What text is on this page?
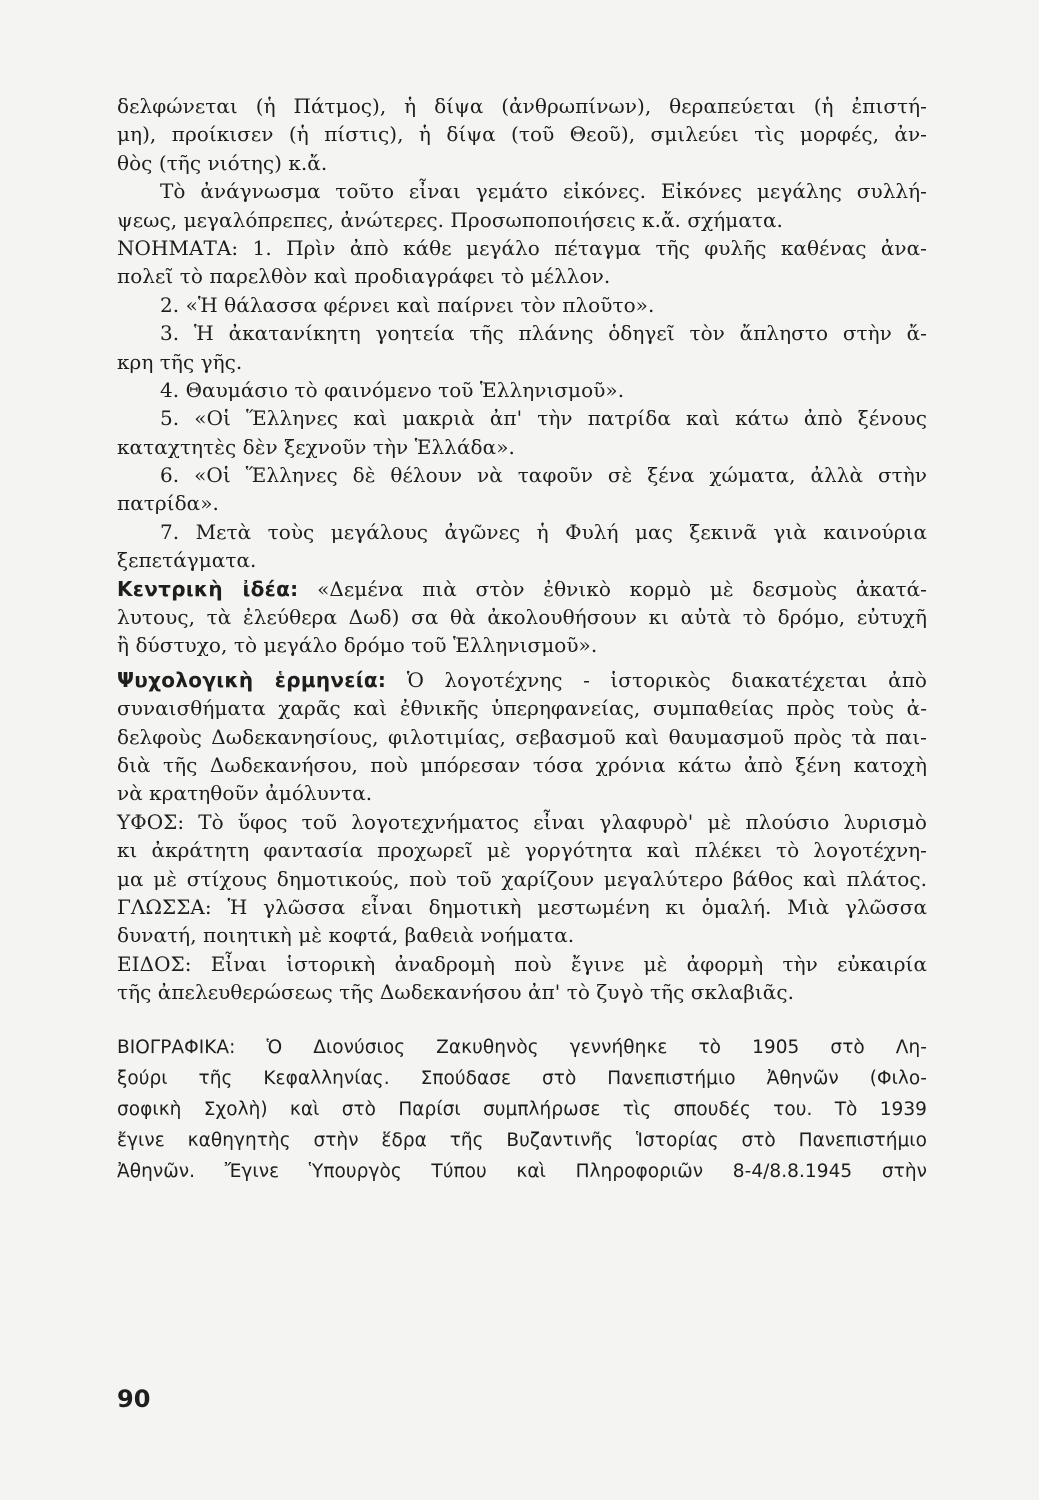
δελφώνεται (ἡ Πάτμος), ἡ δίψα (ἀνθρωπίνων), θεραπεύεται (ἡ ἐπιστή-
μη), προίκισεν (ἡ πίστις), ἡ δίψα (τοῦ Θεοῦ), σμιλεύει τὶς μορφές, ἀν-
θὸς (τῆς νιότης) κ.ἄ.
Τὸ ἀνάγνωσμα τοῦτο εἶναι γεμάτο εἰκόνες. Εἰκόνες μεγάλης συλλή-
ψεως, μεγαλόπρεπες, ἀνώτερες. Προσωποποιήσεις κ.ἄ. σχήματα.
ΝΟΗΜΑΤΑ: 1. Πρὶν ἀπὸ κάθε μεγάλο πέταγμα τῆς φυλῆς καθένας ἀνα-
πολεῖ τὸ παρελθὸν καὶ προδιαγράφει τὸ μέλλον.
2. «Ἡ θάλασσα φέρνει καὶ παίρνει τὸν πλοῦτο».
3. Ἡ ἀκατανίκητη γοητεία τῆς πλάνης ὁδηγεῖ τὸν ἄπληστο στὴν ἄ-
κρη τῆς γῆς.
4. Θαυμάσιο τὸ φαινόμενο τοῦ Ἑλληνισμοῦ».
5. «Οἱ Ἕλληνες καὶ μακριὰ ἀπ' τὴν πατρίδα καὶ κάτω ἀπὸ ξένους
καταχτητὲς δὲν ξεχνοῦν τὴν Ἑλλάδα».
6. «Οἱ Ἕλληνες δὲ θέλουν νὰ ταφοῦν σὲ ξένα χώματα, ἀλλὰ στὴν
πατρίδα».
7. Μετὰ τοὺς μεγάλους ἀγῶνες ἡ Φυλή μας ξεκινᾶ γιὰ καινούρια
ξεπετάγματα.
Κεντρικὴ ἰδέα: «Δεμένα πιὰ στὸν ἐθνικὸ κορμὸ μὲ δεσμοὺς ἀκατά-
λυτους, τὰ ἐλεύθερα Δωδ) σα θὰ ἀκολουθήσουν κι αὐτὰ τὸ δρόμο, εὐτυχῆ
ἢ δύστυχο, τὸ μεγάλο δρόμο τοῦ Ἑλληνισμοῦ».
Ψυχολογικὴ ἑρμηνεία: Ὁ λογοτέχνης - ἱστορικὸς διακατέχεται ἀπὸ
συναισθήματα χαρᾶς καὶ ἐθνικῆς ὑπερηφανείας, συμπαθείας πρὸς τοὺς ἀ-
δελφοὺς Δωδεκανησίους, φιλοτιμίας, σεβασμοῦ καὶ θαυμασμοῦ πρὸς τὰ παι-
διὰ τῆς Δωδεκανήσου, ποὺ μπόρεσαν τόσα χρόνια κάτω ἀπὸ ξένη κατοχὴ
νὰ κρατηθοῦν ἀμόλυντα.
ΥΦΟΣ: Τὸ ὕφος τοῦ λογοτεχνήματος εἶναι γλαφυρὸ' μὲ πλούσιο λυρισμὸ
κι ἀκράτητη φαντασία προχωρεῖ μὲ γοργότητα καὶ πλέκει τὸ λογοτέχνη-
μα μὲ στίχους δημοτικούς, ποὺ τοῦ χαρίζουν μεγαλύτερο βάθος καὶ πλάτος.
ΓΛΩΣΣΑ: Ἡ γλῶσσα εἶναι δημοτικὴ μεστωμένη κι ὁμαλή. Μιὰ γλῶσσα
δυνατή, ποιητικὴ μὲ κοφτά, βαθειὰ νοήματα.
ΕΙΔΟΣ: Εἶναι ἱστορικὴ ἀναδρομὴ ποὺ ἔγινε μὲ ἀφορμὴ τὴν εὐκαιρία
τῆς ἀπελευθερώσεως τῆς Δωδεκανήσου ἀπ' τὸ ζυγὸ τῆς σκλαβιᾶς.
ΒΙΟΓΡΑΦΙΚΑ: Ὁ Διονύσιος Ζακυθηνὸς γεννήθηκε τὸ 1905 στὸ Λη-
ξούρι τῆς Κεφαλληνίας. Σπούδασε στὸ Πανεπιστήμιο Ἀθηνῶν (Φιλο-
σοφικὴ Σχολὴ) καὶ στὸ Παρίσι συμπλήρωσε τὶς σπουδές του. Τὸ 1939
ἔγινε καθηγητὴς στὴν ἕδρα τῆς Βυζαντινῆς Ἱστορίας στὸ Πανεπιστήμιο
Ἀθηνῶν. Ἔγινε Ὑπουργὸς Τύπου καὶ Πληροφοριῶν 8-4/8.8.1945 στὴν
90
